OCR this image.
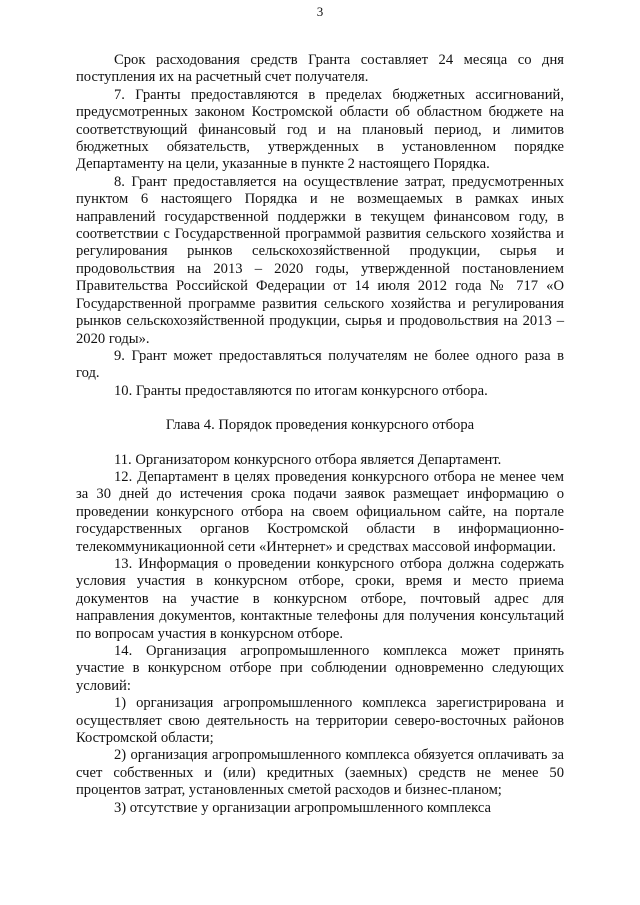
3

Срок расходования средств Гранта составляет 24 месяца со дня поступления их на расчетный счет получателя.

7. Гранты предоставляются в пределах бюджетных ассигнований, предусмотренных законом Костромской области об областном бюджете на соответствующий финансовый год и на плановый период, и лимитов бюджетных обязательств, утвержденных в установленном порядке Департаменту на цели, указанные в пункте 2 настоящего Порядка.

8. Грант предоставляется на осуществление затрат, предусмотренных пунктом 6 настоящего Порядка и не возмещаемых в рамках иных направлений государственной поддержки в текущем финансовом году, в соответствии с Государственной программой развития сельского хозяйства и регулирования рынков сельскохозяйственной продукции, сырья и продовольствия на 2013 – 2020 годы, утвержденной постановлением Правительства Российской Федерации от 14 июля 2012 года № 717 «О Государственной программе развития сельского хозяйства и регулирования рынков сельскохозяйственной продукции, сырья и продовольствия на 2013 – 2020 годы».

9. Грант может предоставляться получателям не более одного раза в год.

10. Гранты предоставляются по итогам конкурсного отбора.

Глава 4. Порядок проведения конкурсного отбора

11. Организатором конкурсного отбора является Департамент.

12. Департамент в целях проведения конкурсного отбора не менее чем за 30 дней до истечения срока подачи заявок размещает информацию о проведении конкурсного отбора на своем официальном сайте, на портале государственных органов Костромской области в информационно-телекоммуникационной сети «Интернет» и средствах массовой информации.

13. Информация о проведении конкурсного отбора должна содержать условия участия в конкурсном отборе, сроки, время и место приема документов на участие в конкурсном отборе, почтовый адрес для направления документов, контактные телефоны для получения консультаций по вопросам участия в конкурсном отборе.

14. Организация агропромышленного комплекса может принять участие в конкурсном отборе при соблюдении одновременно следующих условий:

1) организация агропромышленного комплекса зарегистрирована и осуществляет свою деятельность на территории северо-восточных районов Костромской области;

2) организация агропромышленного комплекса обязуется оплачивать за счет собственных и (или) кредитных (заемных) средств не менее 50 процентов затрат, установленных сметой расходов и бизнес-планом;

3) отсутствие у организации агропромышленного комплекса
